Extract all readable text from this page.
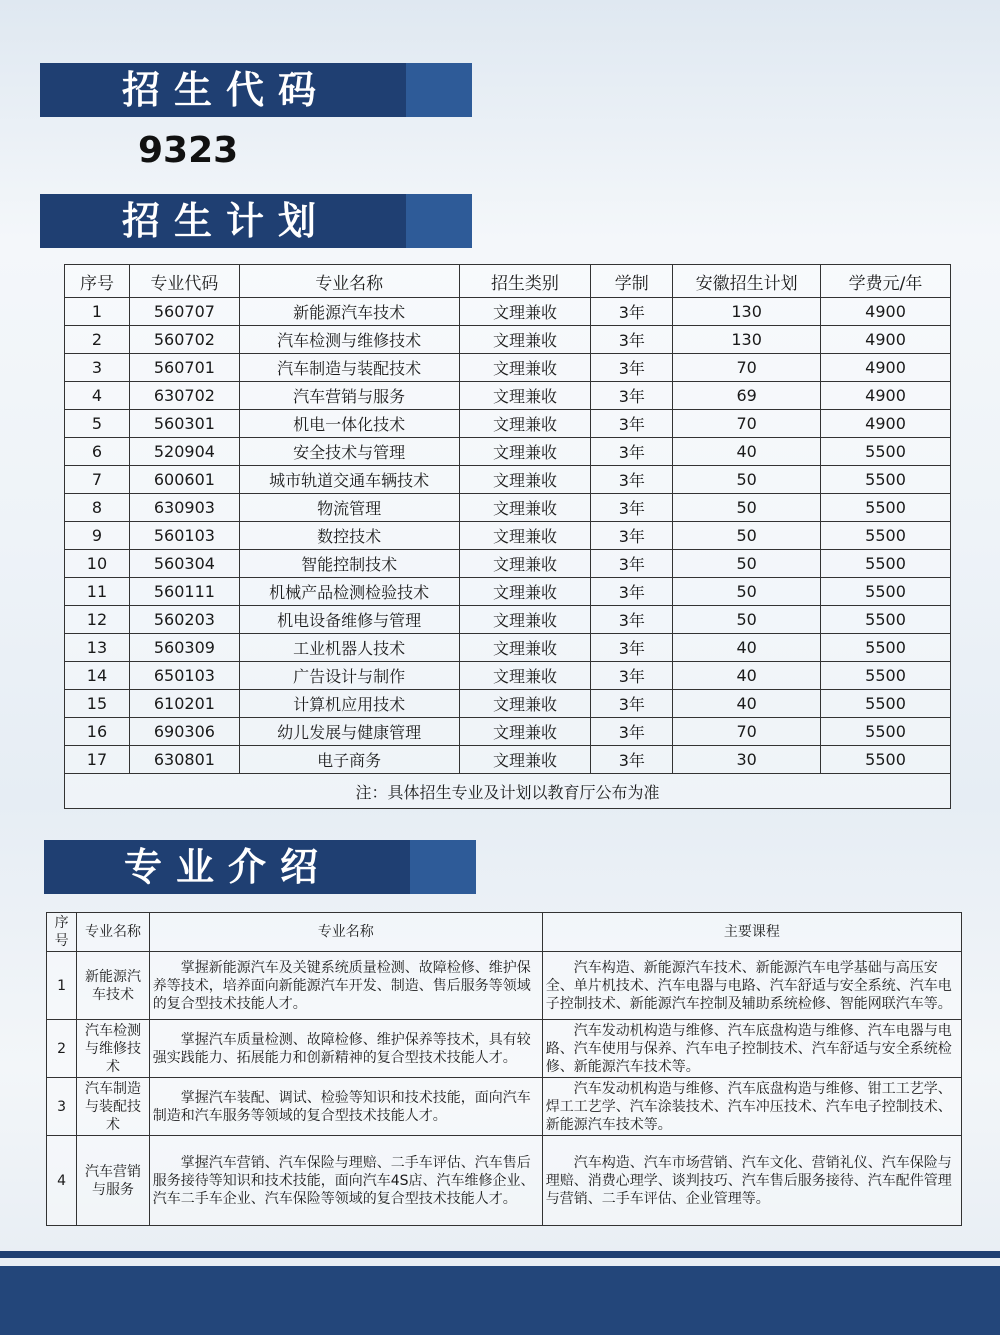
招生代码
9323
招生计划
序号	专业代码	专业名称	招生类别	学制	安徽招生计划	学费元/年
1	560707	新能源汽车技术	文理兼收	3年	130	4900
2	560702	汽车检测与维修技术	文理兼收	3年	130	4900
3	560701	汽车制造与装配技术	文理兼收	3年	70	4900
4	630702	汽车营销与服务	文理兼收	3年	69	4900
5	560301	机电一体化技术	文理兼收	3年	70	4900
6	520904	安全技术与管理	文理兼收	3年	40	5500
7	600601	城市轨道交通车辆技术	文理兼收	3年	50	5500
8	630903	物流管理	文理兼收	3年	50	5500
9	560103	数控技术	文理兼收	3年	50	5500
10	560304	智能控制技术	文理兼收	3年	50	5500
11	560111	机械产品检测检验技术	文理兼收	3年	50	5500
12	560203	机电设备维修与管理	文理兼收	3年	50	5500
13	560309	工业机器人技术	文理兼收	3年	40	5500
14	650103	广告设计与制作	文理兼收	3年	40	5500
15	610201	计算机应用技术	文理兼收	3年	40	5500
16	690306	幼儿发展与健康管理	文理兼收	3年	70	5500
17	630801	电子商务	文理兼收	3年	30	5500
注：具体招生专业及计划以教育厅公布为准						
专业介绍
序号	专业名称	专业名称	主要课程
1	新能源汽车技术	掌握新能源汽车及关键系统质量检测、故障检修、维护保养等技术，培养面向新能源汽车开发、制造、售后服务等领域的复合型技术技能人才。	汽车构造、新能源汽车技术、新能源汽车电学基础与高压安全、单片机技术、汽车电器与电路、汽车舒适与安全系统、汽车电子控制技术、新能源汽车控制及辅助系统检修、智能网联汽车等。
2	汽车检测与维修技术	掌握汽车质量检测、故障检修、维护保养等技术，具有较强实践能力、拓展能力和创新精神的复合型技术技能人才。	汽车发动机构造与维修、汽车底盘构造与维修、汽车电器与电路、汽车使用与保养、汽车电子控制技术、汽车舒适与安全系统检修、新能源汽车技术等。
3	汽车制造与装配技术	掌握汽车装配、调试、检验等知识和技术技能，面向汽车制造和汽车服务等领域的复合型技术技能人才。	汽车发动机构造与维修、汽车底盘构造与维修、钳工工艺学、焊工工艺学、汽车涂装技术、汽车冲压技术、汽车电子控制技术、新能源汽车技术等。
4	汽车营销与服务	掌握汽车营销、汽车保险与理赔、二手车评估、汽车售后服务接待等知识和技术技能，面向汽车4S店、汽车维修企业、汽车二手车企业、汽车保险等领域的复合型技术技能人才。	汽车构造、汽车市场营销、汽车文化、营销礼仪、汽车保险与理赔、消费心理学、谈判技巧、汽车售后服务接待、汽车配件管理与营销、二手车评估、企业管理等。
